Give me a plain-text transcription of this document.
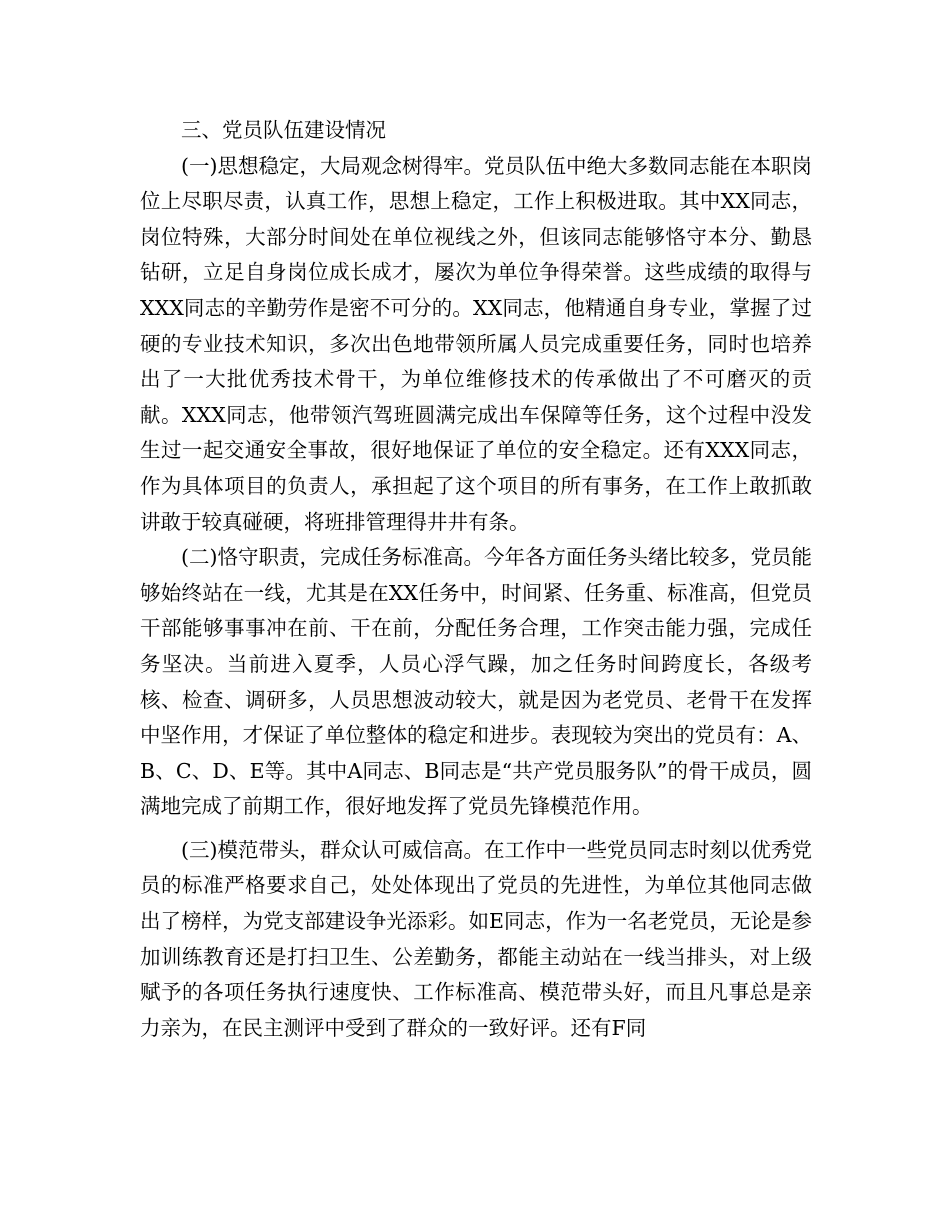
三、党员队伍建设情况

(一)思想稳定，大局观念树得牢。党员队伍中绝大多数同志能在本职岗位上尽职尽责，认真工作，思想上稳定，工作上积极进取。其中XX同志，岗位特殊，大部分时间处在单位视线之外，但该同志能够恪守本分、勤恳钻研，立足自身岗位成长成才，屡次为单位争得荣誉。这些成绩的取得与XXX同志的辛勤劳作是密不可分的。XX同志，他精通自身专业，掌握了过硬的专业技术知识，多次出色地带领所属人员完成重要任务，同时也培养出了一大批优秀技术骨干，为单位维修技术的传承做出了不可磨灭的贡献。XXX同志，他带领汽驾班圆满完成出车保障等任务，这个过程中没发生过一起交通安全事故，很好地保证了单位的安全稳定。还有XXX同志，作为具体项目的负责人，承担起了这个项目的所有事务，在工作上敢抓敢讲敢于较真碰硬，将班排管理得井井有条。

(二)恪守职责，完成任务标准高。今年各方面任务头绪比较多，党员能够始终站在一线，尤其是在XX任务中，时间紧、任务重、标准高，但党员干部能够事事冲在前、干在前，分配任务合理，工作突击能力强，完成任务坚决。当前进入夏季，人员心浮气躁，加之任务时间跨度长，各级考核、检查、调研多，人员思想波动较大，就是因为老党员、老骨干在发挥中坚作用，才保证了单位整体的稳定和进步。表现较为突出的党员有：A、B、C、D、E等。其中A同志、B同志是“共产党员服务队”的骨干成员，圆满地完成了前期工作，很好地发挥了党员先锋模范作用。

(三)模范带头，群众认可威信高。在工作中一些党员同志时刻以优秀党员的标准严格要求自己，处处体现出了党员的先进性，为单位其他同志做出了榜样，为党支部建设争光添彩。如E同志，作为一名老党员，无论是参加训练教育还是打扫卫生、公差勤务，都能主动站在一线当排头，对上级赋予的各项任务执行速度快、工作标准高、模范带头好，而且凡事总是亲力亲为，在民主测评中受到了群众的一致好评。还有F同
